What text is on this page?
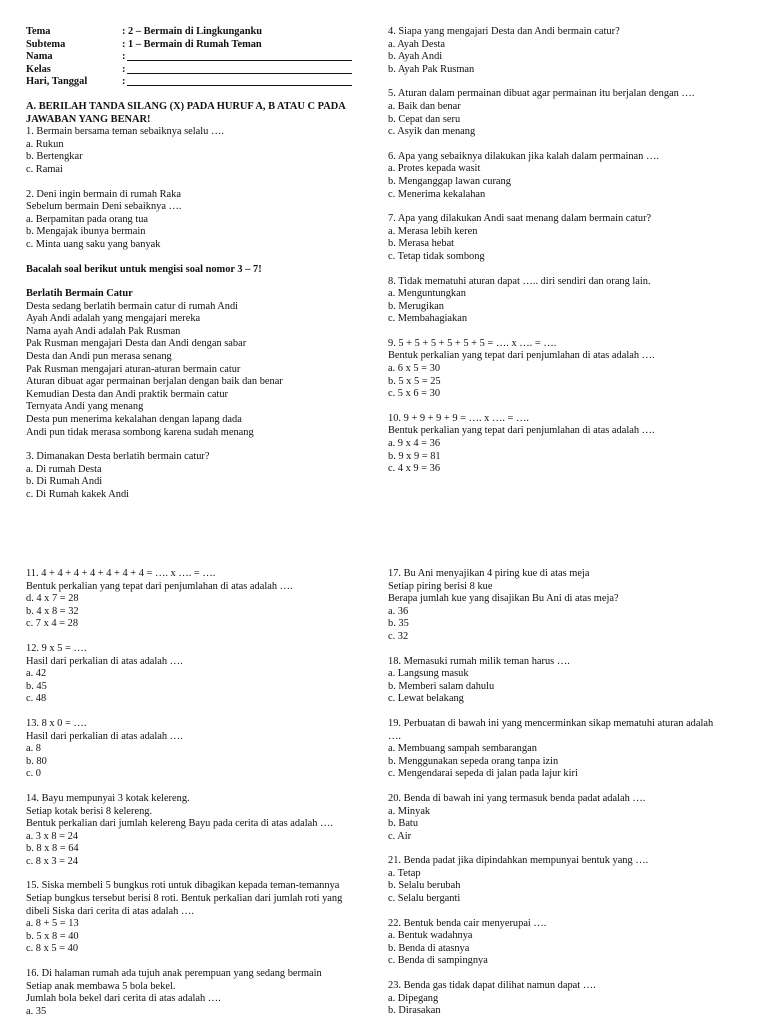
Tema	: 2 – Bermain di Lingkunganku
Subtema	: 1 – Bermain di Rumah Teman
Nama	:
Kelas	:
Hari, Tanggal	:
A. BERILAH TANDA SILANG (X) PADA HURUF A, B ATAU C PADA
JAWABAN YANG BENAR!
1. Bermain bersama teman sebaiknya selalu ….
a. Rukun
b. Bertengkar
c. Ramai
2. Deni ingin bermain di rumah Raka
Sebelum bermain Deni sebaiknya ….
a. Berpamitan pada orang tua
b. Mengajak ibunya bermain
c. Minta uang saku yang banyak
Bacalah soal berikut untuk mengisi soal nomor 3 – 7!
Berlatih Bermain Catur
Desta sedang berlatih bermain catur di rumah Andi
Ayah Andi adalah yang mengajari mereka
Nama ayah Andi adalah Pak Rusman
Pak Rusman mengajari Desta dan Andi dengan sabar
Desta dan Andi pun merasa senang
Pak Rusman mengajari aturan-aturan bermain catur
Aturan dibuat agar permainan berjalan dengan baik dan benar
Kemudian Desta dan Andi praktik bermain catur
Ternyata Andi yang menang
Desta pun menerima kekalahan dengan lapang dada
Andi pun tidak merasa sombong karena sudah menang
3. Dimanakan Desta berlatih bermain catur?
a. Di rumah Desta
b. Di Rumah Andi
c. Di Rumah kakek Andi
4. Siapa yang mengajari Desta dan Andi bermain catur?
a. Ayah Desta
b. Ayah Andi
b. Ayah Pak Rusman
5. Aturan dalam permainan dibuat agar permainan itu berjalan dengan ….
a. Baik dan benar
b. Cepat dan seru
c. Asyik dan menang
6. Apa yang sebaiknya dilakukan jika kalah dalam permainan ….
a. Protes kepada wasit
b. Menganggap lawan curang
c. Menerima kekalahan
7. Apa yang dilakukan Andi saat menang dalam bermain catur?
a. Merasa lebih keren
b. Merasa hebat
c. Tetap tidak sombong
8. Tidak mematuhi aturan dapat ….. diri sendiri dan orang lain.
a. Menguntungkan
b. Merugikan
c. Membahagiakan
9. 5 + 5 + 5 + 5 + 5 + 5 = …. x …. = ….
Bentuk perkalian yang tepat dari penjumlahan di atas adalah ….
a. 6 x 5 = 30
b. 5 x 5 = 25
c. 5 x 6 = 30
10. 9 + 9 + 9 + 9 = …. x …. = ….
Bentuk perkalian yang tepat dari penjumlahan di atas adalah ….
a. 9 x 4 = 36
b. 9 x 9 = 81
c. 4 x 9 = 36
11. 4 + 4 + 4 + 4 + 4 + 4 + 4 = …. x …. = ….
Bentuk perkalian yang tepat dari penjumlahan di atas adalah ….
d. 4 x 7 = 28
b. 4 x 8 = 32
c. 7 x 4 = 28
12. 9 x 5 = ….
Hasil dari perkalian di atas adalah ….
a. 42
b. 45
c. 48
13. 8 x 0 = ….
Hasil dari perkalian di atas adalah ….
a. 8
b. 80
c. 0
14. Bayu mempunyai 3 kotak kelereng.
Setiap kotak berisi 8 kelereng.
Bentuk perkalian dari jumlah kelereng Bayu pada cerita di atas adalah ….
a. 3 x 8 = 24
b. 8 x 8 = 64
c. 8 x 3 = 24
15. Siska membeli 5 bungkus roti untuk dibagikan kepada teman-temannya
Setiap bungkus tersebut berisi 8 roti. Bentuk perkalian dari jumlah roti yang
dibeli Siska dari cerita di atas adalah ….
a. 8 + 5 = 13
b. 5 x 8 = 40
c. 8 x 5 = 40
16. Di halaman rumah ada tujuh anak perempuan yang sedang bermain
Setiap anak membawa 5 bola bekel.
Jumlah bola bekel dari cerita di atas adalah ….
a. 35
17. Bu Ani menyajikan 4 piring kue di atas meja
Setiap piring berisi 8 kue
Berapa jumlah kue yang disajikan Bu Ani di atas meja?
a. 36
b. 35
c. 32
18. Memasuki rumah milik teman harus ….
a. Langsung masuk
b. Memberi salam dahulu
c. Lewat belakang
19. Perbuatan di bawah ini yang mencerminkan sikap mematuhi aturan adalah
….
a. Membuang sampah sembarangan
b. Menggunakan sepeda orang tanpa izin
c. Mengendarai sepeda di jalan pada lajur kiri
20. Benda di bawah ini yang termasuk benda padat adalah ….
a. Minyak
b. Batu
c. Air
21. Benda padat jika dipindahkan mempunyai bentuk yang ….
a. Tetap
b. Selalu berubah
c. Selalu berganti
22. Bentuk benda cair menyerupai ….
a. Bentuk wadahnya
b. Benda di atasnya
c. Benda di sampingnya
23. Benda gas tidak dapat dilihat namun dapat ….
a. Dipegang
b. Dirasakan
